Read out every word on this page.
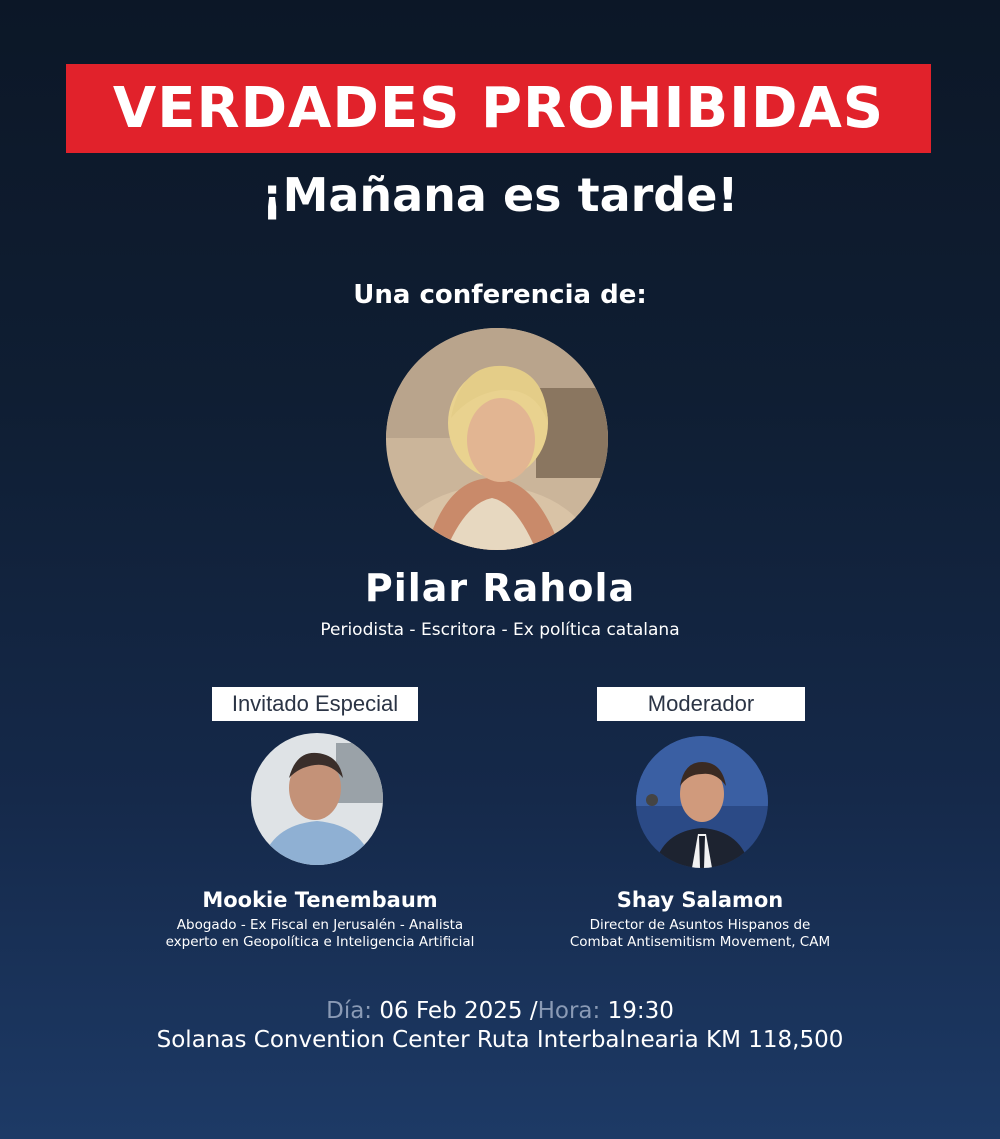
VERDADES PROHIBIDAS
¡Mañana es tarde!
Una conferencia de:
Pilar Rahola
Periodista - Escritora - Ex política catalana
Invitado Especial	Moderador
Mookie Tenembaum
Abogado - Ex Fiscal en Jerusalén - Analista
experto en Geopolítica e Inteligencia Artificial
Shay Salamon
Director de Asuntos Hispanos de
Combat Antisemitism Movement, CAM
Día: 06 Feb 2025 /Hora: 19:30
Solanas Convention Center Ruta Interbalnearia KM 118,500
